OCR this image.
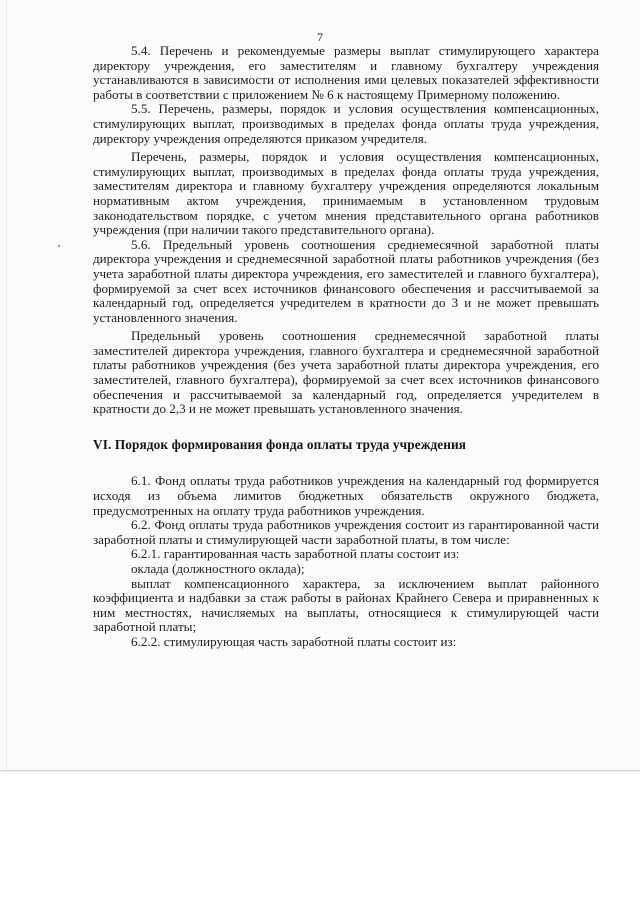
7

5.4. Перечень и рекомендуемые размеры выплат стимулирующего характера директору учреждения, его заместителям и главному бухгалтеру учреждения устанавливаются в зависимости от исполнения ими целевых показателей эффективности работы в соответствии с приложением № 6 к настоящему Примерному положению.

5.5. Перечень, размеры, порядок и условия осуществления компенсационных, стимулирующих выплат, производимых в пределах фонда оплаты труда учреждения, директору учреждения определяются приказом учредителя.

Перечень, размеры, порядок и условия осуществления компенсационных, стимулирующих выплат, производимых в пределах фонда оплаты труда учреждения, заместителям директора и главному бухгалтеру учреждения определяются локальным нормативным актом учреждения, принимаемым в установленном трудовым законодательством порядке, с учетом мнения представительного органа работников учреждения (при наличии такого представительного органа).

5.6. Предельный уровень соотношения среднемесячной заработной платы директора учреждения и среднемесячной заработной платы работников учреждения (без учета заработной платы директора учреждения, его заместителей и главного бухгалтера), формируемой за счет всех источников финансового обеспечения и рассчитываемой за календарный год, определяется учредителем в кратности до 3 и не может превышать установленного значения.

Предельный уровень соотношения среднемесячной заработной платы заместителей директора учреждения, главного бухгалтера и среднемесячной заработной платы работников учреждения (без учета заработной платы директора учреждения, его заместителей, главного бухгалтера), формируемой за счет всех источников финансового обеспечения и рассчитываемой за календарный год, определяется учредителем в кратности до 2,3 и не может превышать установленного значения.

VI. Порядок формирования фонда оплаты труда учреждения

6.1. Фонд оплаты труда работников учреждения на календарный год формируется исходя из объема лимитов бюджетных обязательств окружного бюджета, предусмотренных на оплату труда работников учреждения.

6.2. Фонд оплаты труда работников учреждения состоит из гарантированной части заработной платы и стимулирующей части заработной платы, в том числе:

6.2.1. гарантированная часть заработной платы состоит из:

оклада (должностного оклада);

выплат компенсационного характера, за исключением выплат районного коэффициента и надбавки за стаж работы в районах Крайнего Севера и приравненных к ним местностях, начисляемых на выплаты, относящиеся к стимулирующей части заработной платы;

6.2.2. стимулирующая часть заработной платы состоит из:
